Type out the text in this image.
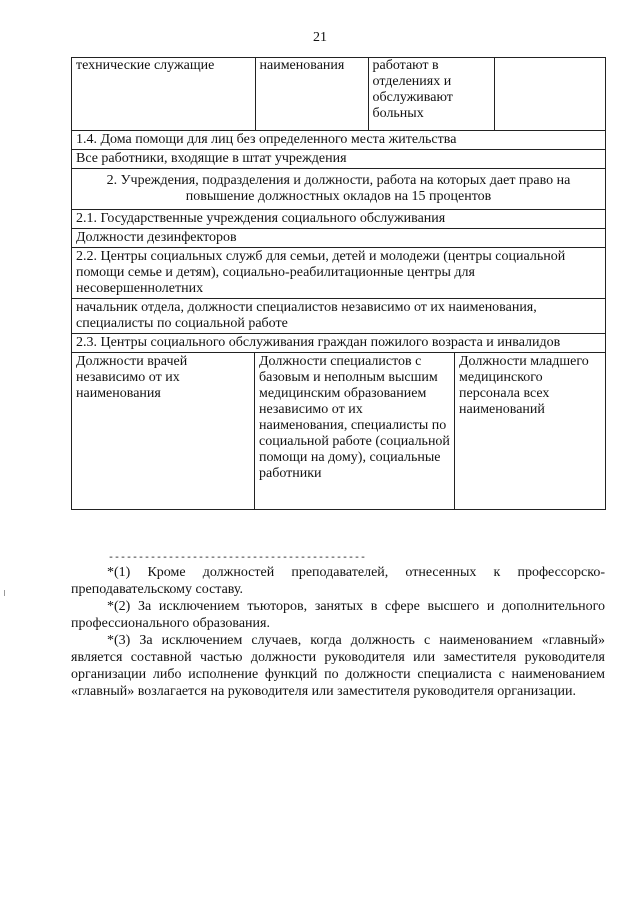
21
технические служащие	наименования	работают в отделениях и обслуживают больных	

1.4. Дома помощи для лиц без определенного места жительства
Все работники, входящие в штат учреждения
2. Учреждения, подразделения и должности, работа на которых дает право на повышение должностных окладов на 15 процентов
2.1. Государственные учреждения социального обслуживания
Должности дезинфекторов
2.2. Центры социальных служб для семьи, детей и молодежи (центры социальной помощи семье и детям), социально-реабилитационные центры для несовершеннолетних
начальник отдела, должности специалистов независимо от их наименования, специалисты по социальной работе
2.3. Центры социального обслуживания граждан пожилого возраста и инвалидов
Должности врачей независимо от их наименования	Должности специалистов с базовым и неполным высшим медицинским образованием независимо от их наименования, специалисты по социальной работе (социальной помощи на дому), социальные работники	Должности младшего медицинского персонала всех наименований
-------------------------------------------

*(1) Кроме должностей преподавателей, отнесенных к профессорско-преподавательскому составу.

*(2) За исключением тьюторов, занятых в сфере высшего и дополнительного профессионального образования.

*(3) За исключением случаев, когда должность с наименованием «главный» является составной частью должности руководителя или заместителя руководителя организации либо исполнение функций по должности специалиста с наименованием «главный» возлагается на руководителя или заместителя руководителя организации.
